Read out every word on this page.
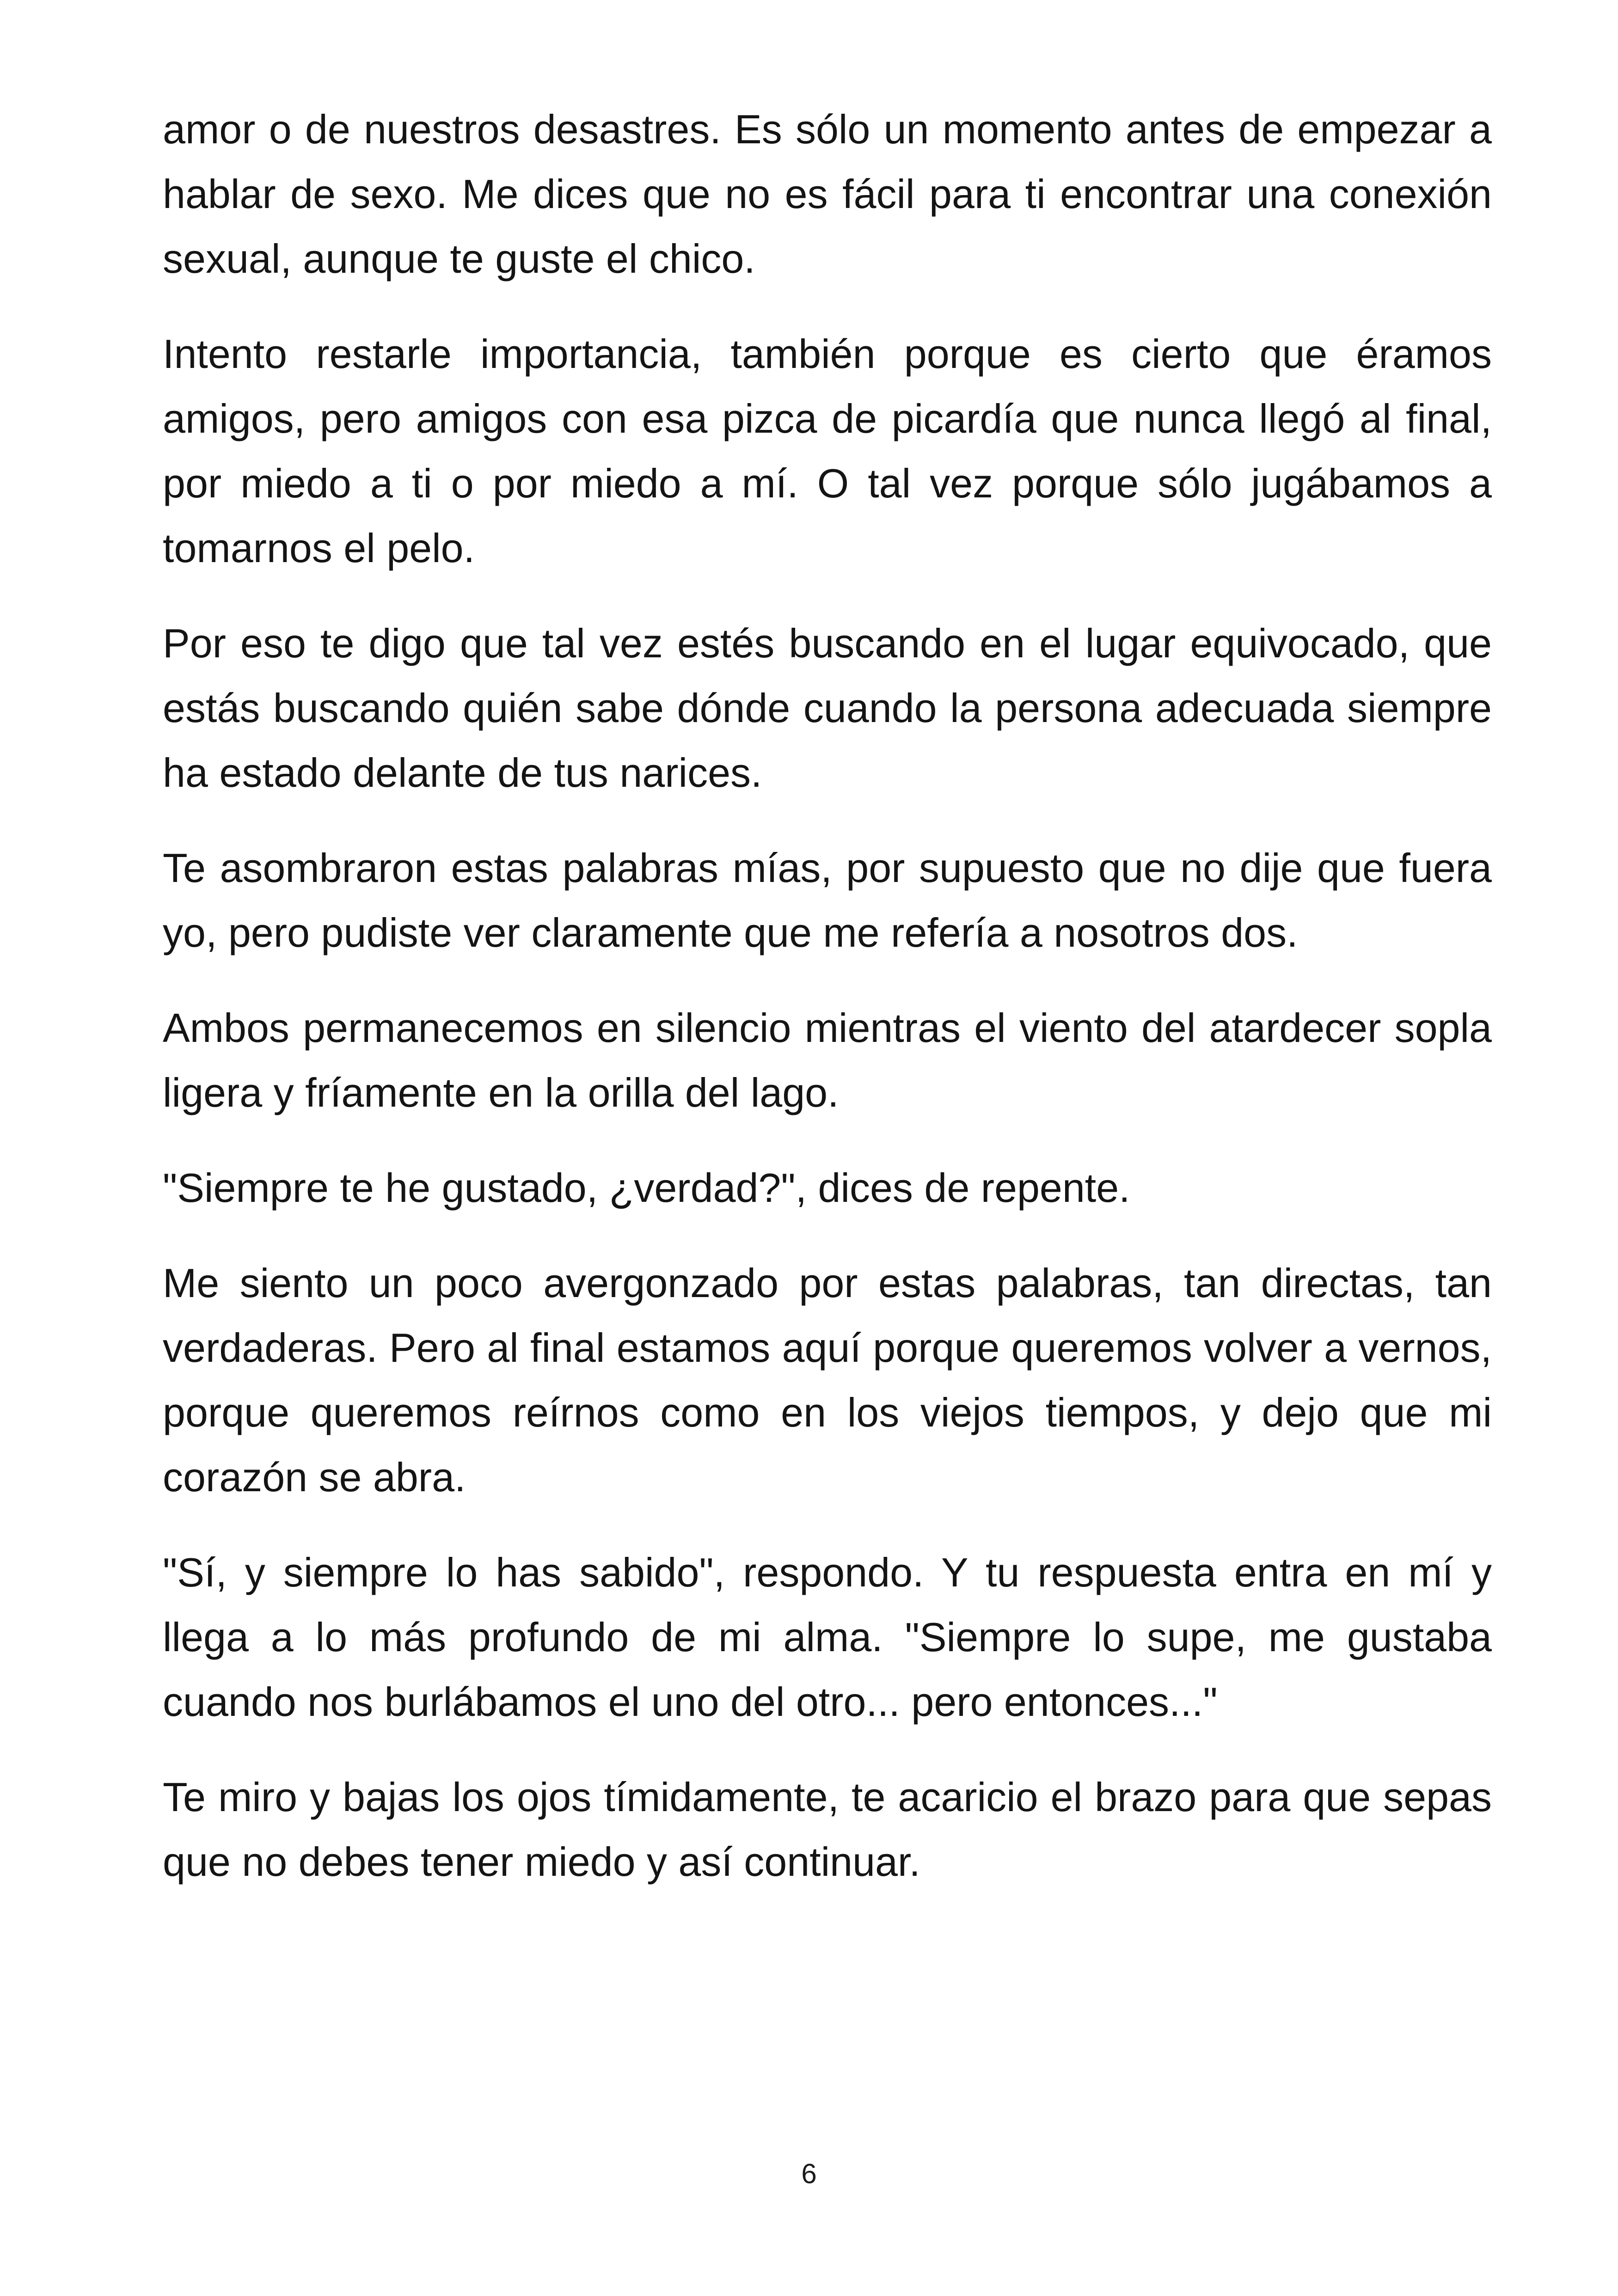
amor o de nuestros desastres. Es sólo un momento antes de empezar a hablar de sexo. Me dices que no es fácil para ti encontrar una conexión sexual, aunque te guste el chico.

Intento restarle importancia, también porque es cierto que éramos amigos, pero amigos con esa pizca de picardía que nunca llegó al final, por miedo a ti o por miedo a mí. O tal vez porque sólo jugábamos a tomarnos el pelo.

Por eso te digo que tal vez estés buscando en el lugar equivocado, que estás buscando quién sabe dónde cuando la persona adecuada siempre ha estado delante de tus narices.

Te asombraron estas palabras mías, por supuesto que no dije que fuera yo, pero pudiste ver claramente que me refería a nosotros dos.

Ambos permanecemos en silencio mientras el viento del atardecer sopla ligera y fríamente en la orilla del lago.

"Siempre te he gustado, ¿verdad?", dices de repente.

Me siento un poco avergonzado por estas palabras, tan directas, tan verdaderas. Pero al final estamos aquí porque queremos volver a vernos, porque queremos reírnos como en los viejos tiempos, y dejo que mi corazón se abra.

"Sí, y siempre lo has sabido", respondo. Y tu respuesta entra en mí y llega a lo más profundo de mi alma. "Siempre lo supe, me gustaba cuando nos burlábamos el uno del otro... pero entonces..."

Te miro y bajas los ojos tímidamente, te acaricio el brazo para que sepas que no debes tener miedo y así continuar.

6
